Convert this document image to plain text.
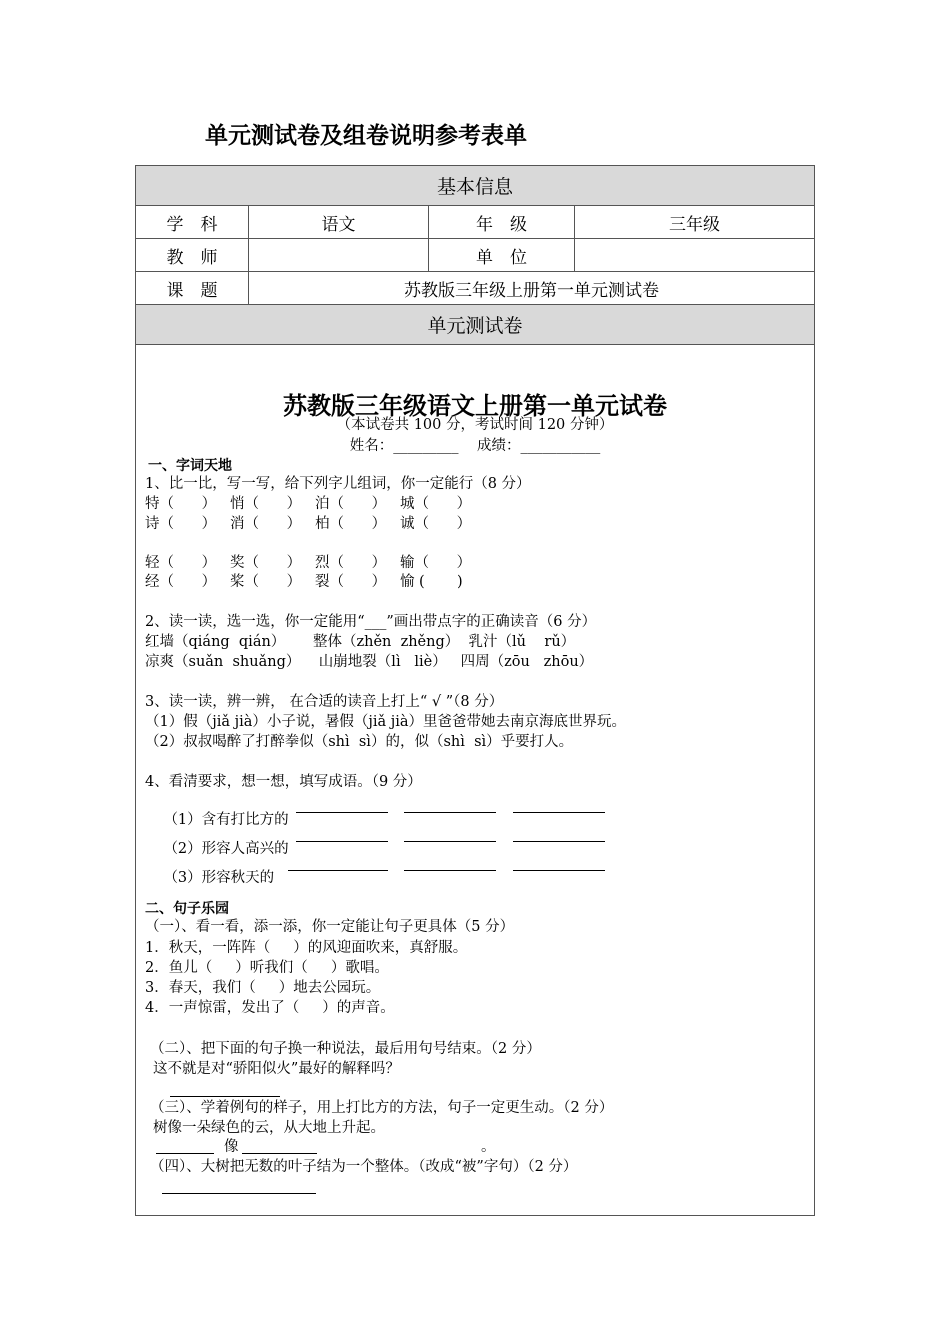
单元测试卷及组卷说明参考表单
基本信息
学　科	语文	年　级	三年级
教　师	单　位
课　题	苏教版三年级上册第一单元测试卷
单元测试卷
苏教版三年级语文上册第一单元试卷
（本试卷共 100 分，考试时间 120 分钟）
姓名：_________    成绩：___________
一、字词天地
1、比一比，写一写，给下列字儿组词，你一定能行（8 分）
特（      ）   悄（      ）   泊（      ）   城（      ）
诗（      ）   消（      ）   柏（      ）   诚（      ）
轻（      ）   奖（      ）   烈（      ）   输（      ）
经（      ）   桨（      ）   裂（      ）   愉 (       )
2、读一读，选一选，你一定能用“___”画出带点字的正确读音（6 分）
红墙（qiáng  qián）      整体（zhěn  zhěng）  乳汁（lǔ    rǔ）
凉爽（suǎn  shuǎng）    山崩地裂（lì   liè）   四周（zōu   zhōu）
3、读一读，辨一辨， 在合适的读音上打上“ √ ”（8 分）
（1）假（jiǎ jià）小子说，暑假（jiǎ jià）里爸爸带她去南京海底世界玩。
（2）叔叔喝醉了打醉拳似（shì  sì）的，似（shì  sì）乎要打人。
4、看清要求，想一想，填写成语。（9 分）

（1）含有打比方的

（2）形容人高兴的

（3）形容秋天的

二、句子乐园
（一）、看一看，添一添，你一定能让句子更具体（5 分）
1．秋天，一阵阵（     ）的风迎面吹来，真舒服。
2．鱼儿（     ）听我们（     ）歌唱。
3．春天，我们（     ）地去公园玩。
4．一声惊雷，发出了（     ）的声音。
（二）、把下面的句子换一种说法，最后用句号结束。（2 分）
这不就是对“骄阳似火”最好的解释吗？
（三）、学着例句的样子，用上打比方的方法，句子一定更生动。（2 分）
树像一朵绿色的云，从大地上升起。
像	。
（四）、大树把无数的叶子结为一个整体。（改成“被”字句）（2 分）
